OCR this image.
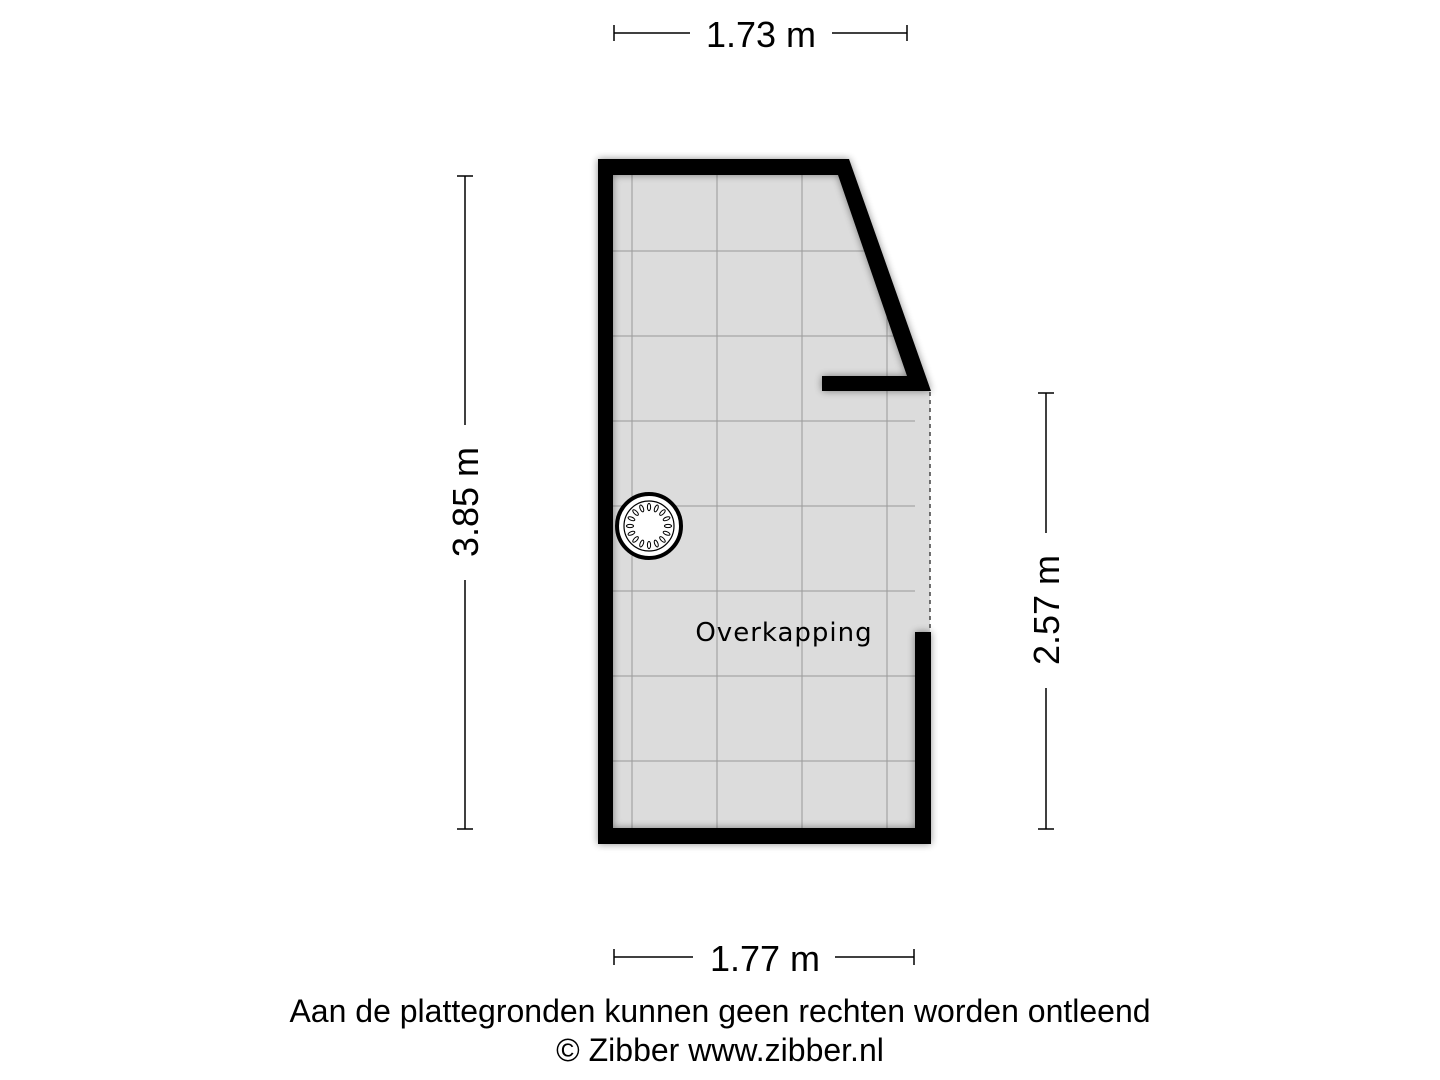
Overkapping
1.73 m
1.77 m
3.85 m
2.57 m
Aan de plattegronden kunnen geen rechten worden ontleend
© Zibber www.zibber.nl
